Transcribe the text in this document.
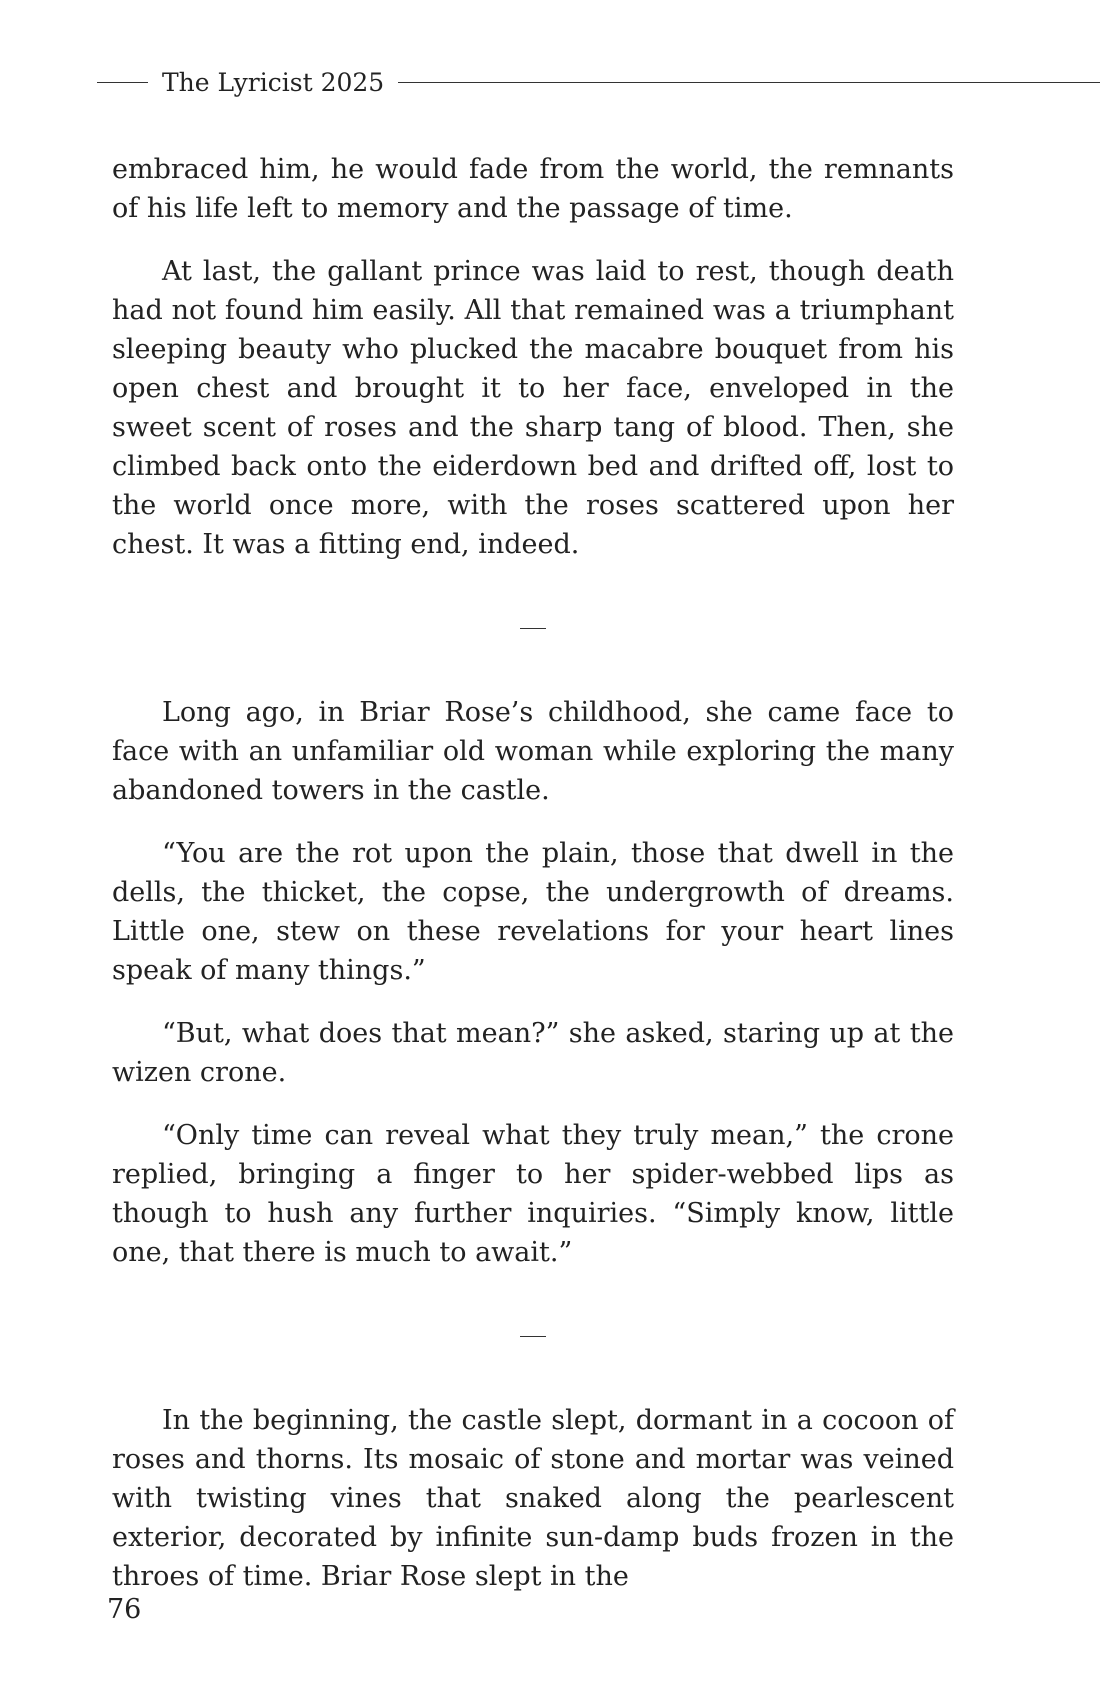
The Lyricist 2025

embraced him, he would fade from the world, the remnants of his life left to memory and the passage of time.

At last, the gallant prince was laid to rest, though death had not found him easily. All that remained was a triumphant sleeping beauty who plucked the macabre bouquet from his open chest and brought it to her face, enveloped in the sweet scent of roses and the sharp tang of blood. Then, she climbed back onto the eiderdown bed and drifted off, lost to the world once more, with the roses scattered upon her chest. It was a fitting end, indeed.

Long ago, in Briar Rose’s childhood, she came face to face with an unfamiliar old woman while exploring the many abandoned towers in the castle.

“You are the rot upon the plain, those that dwell in the dells, the thicket, the copse, the undergrowth of dreams. Little one, stew on these revelations for your heart lines speak of many things.”

“But, what does that mean?” she asked, staring up at the wizen crone.

“Only time can reveal what they truly mean,” the crone replied, bringing a finger to her spider-webbed lips as though to hush any further inquiries. “Simply know, little one, that there is much to await.”

In the beginning, the castle slept, dormant in a cocoon of roses and thorns. Its mosaic of stone and mortar was veined with twisting vines that snaked along the pearlescent exterior, decorated by infinite sun-damp buds frozen in the throes of time. Briar Rose slept in the

76
